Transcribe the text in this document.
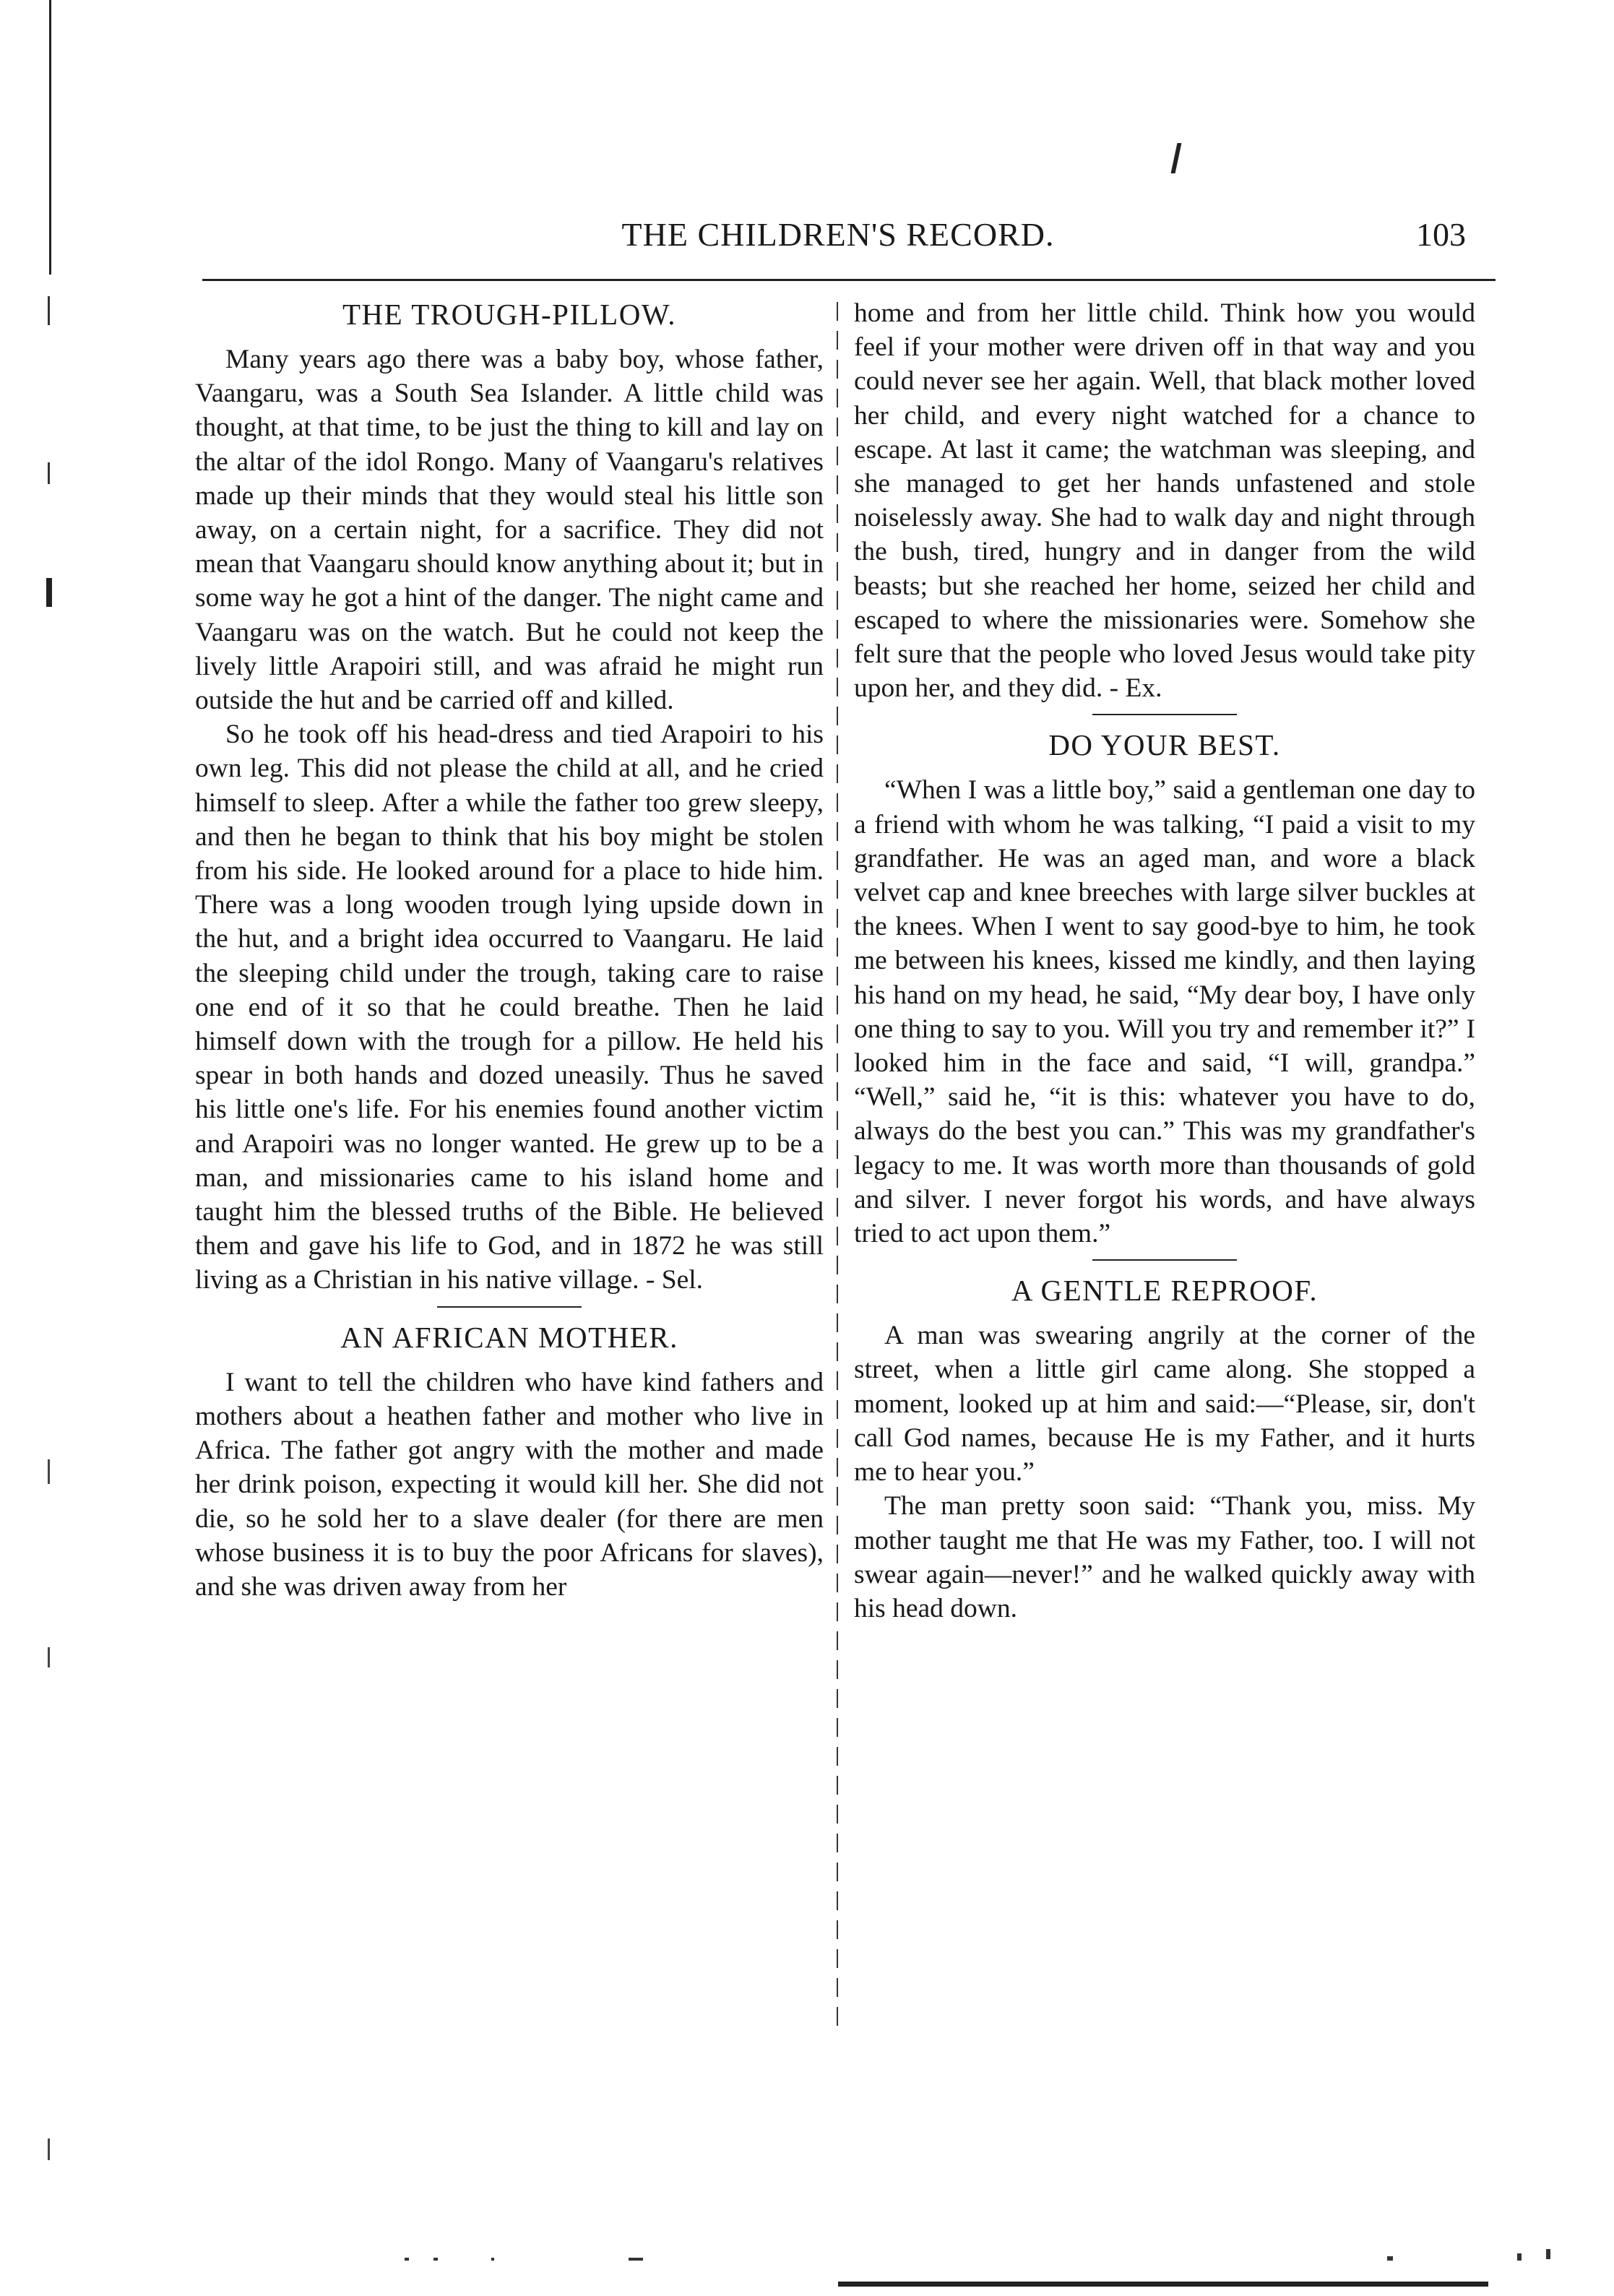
THE CHILDREN'S RECORD.	103
THE TROUGH-PILLOW.

Many years ago there was a baby boy, whose father, Vaangaru, was a South Sea Islander. A little child was thought, at that time, to be just the thing to kill and lay on the altar of the idol Rongo. Many of Vaangaru's relatives made up their minds that they would steal his little son away, on a certain night, for a sacrifice. They did not mean that Vaangaru should know anything about it; but in some way he got a hint of the danger. The night came and Vaangaru was on the watch. But he could not keep the lively little Arapoiri still, and was afraid he might run outside the hut and be carried off and killed.

So he took off his head-dress and tied Arapoiri to his own leg. This did not please the child at all, and he cried himself to sleep. After a while the father too grew sleepy, and then he began to think that his boy might be stolen from his side. He looked around for a place to hide him. There was a long wooden trough lying upside down in the hut, and a bright idea occurred to Vaangaru. He laid the sleeping child under the trough, taking care to raise one end of it so that he could breathe. Then he laid himself down with the trough for a pillow. He held his spear in both hands and dozed uneasily. Thus he saved his little one's life. For his enemies found another victim and Arapoiri was no longer wanted. He grew up to be a man, and missionaries came to his island home and taught him the blessed truths of the Bible. He believed them and gave his life to God, and in 1872 he was still living as a Christian in his native village. - Sel.

AN AFRICAN MOTHER.

I want to tell the children who have kind fathers and mothers about a heathen father and mother who live in Africa. The father got angry with the mother and made her drink poison, expecting it would kill her. She did not die, so he sold her to a slave dealer (for there are men whose business it is to buy the poor Africans for slaves), and she was driven away from her

home and from her little child. Think how you would feel if your mother were driven off in that way and you could never see her again. Well, that black mother loved her child, and every night watched for a chance to escape. At last it came; the watchman was sleeping, and she managed to get her hands unfastened and stole noiselessly away. She had to walk day and night through the bush, tired, hungry and in danger from the wild beasts; but she reached her home, seized her child and escaped to where the missionaries were. Somehow she felt sure that the people who loved Jesus would take pity upon her, and they did. - Ex.

DO YOUR BEST.

“When I was a little boy,” said a gentleman one day to a friend with whom he was talking, “I paid a visit to my grandfather. He was an aged man, and wore a black velvet cap and knee breeches with large silver buckles at the knees. When I went to say good-bye to him, he took me between his knees, kissed me kindly, and then laying his hand on my head, he said, “My dear boy, I have only one thing to say to you. Will you try and remember it?” I looked him in the face and said, “I will, grandpa.” “Well,” said he, “it is this: whatever you have to do, always do the best you can.” This was my grandfather's legacy to me. It was worth more than thousands of gold and silver. I never forgot his words, and have always tried to act upon them.”

A GENTLE REPROOF.

A man was swearing angrily at the corner of the street, when a little girl came along. She stopped a moment, looked up at him and said:—“Please, sir, don't call God names, because He is my Father, and it hurts me to hear you.”

The man pretty soon said: “Thank you, miss. My mother taught me that He was my Father, too. I will not swear again—never!” and he walked quickly away with his head down.
